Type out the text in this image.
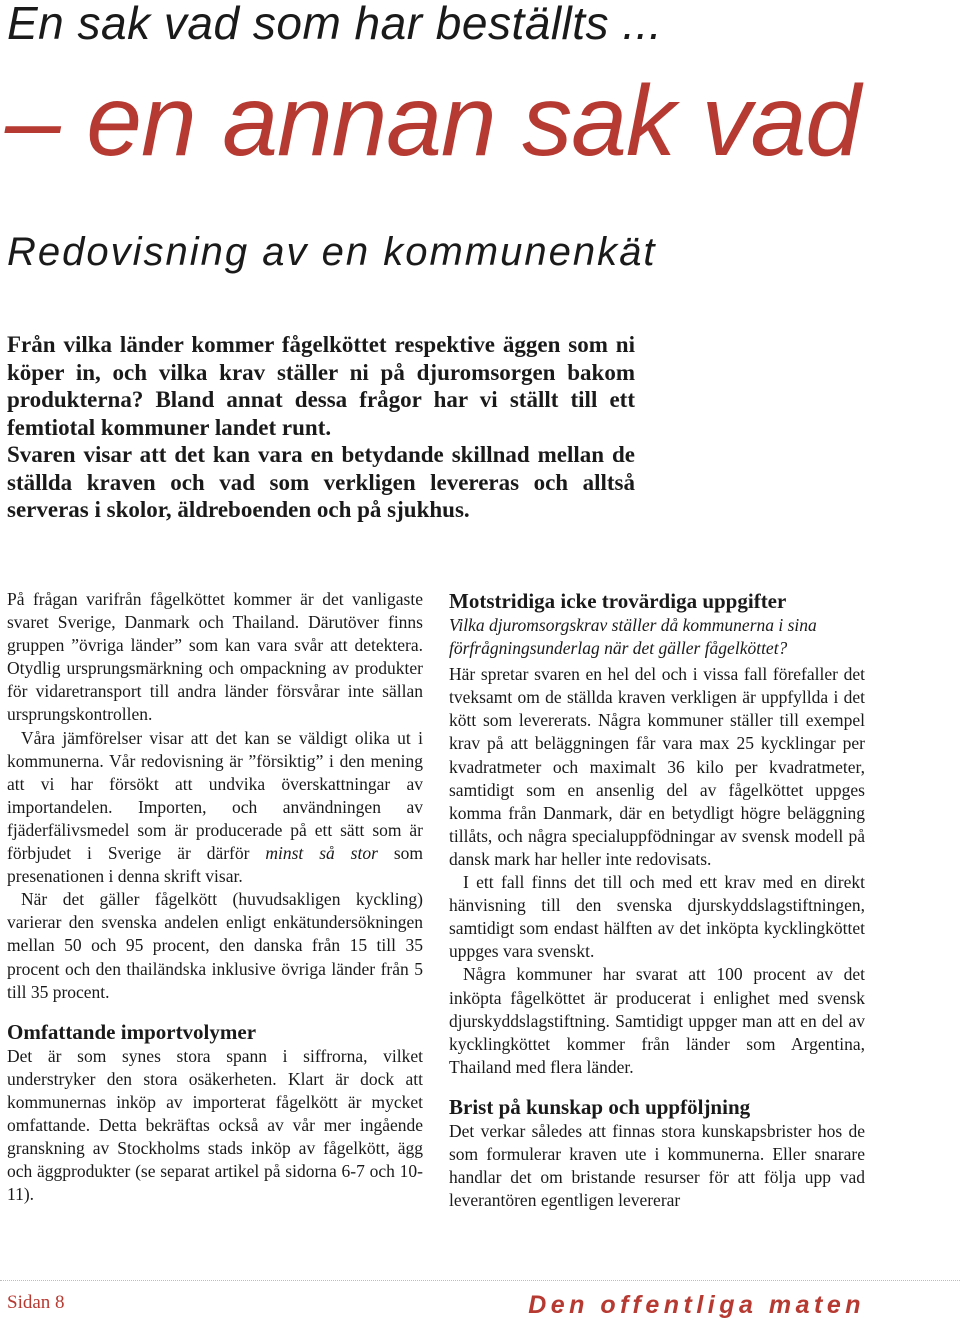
En sak vad som har beställts ...
– en annan sak vad
Redovisning av en kommunenkät

Från vilka länder kommer fågelköttet respektive äggen som ni köper in, och vilka krav ställer ni på djuromsorgen bakom produkterna? Bland annat dessa frågor har vi ställt till ett femtiotal kommuner landet runt.

Svaren visar att det kan vara en betydande skillnad mellan de ställda kraven och vad som verkligen levereras och alltså serveras i skolor, äldreboenden och på sjukhus.

På frågan varifrån fågelköttet kommer är det vanligaste svaret Sverige, Danmark och Thailand. Därutöver finns gruppen ”övriga länder” som kan vara svår att detektera. Otydlig ursprungsmärkning och ompackning av produkter för vidaretransport till andra länder försvårar inte sällan ursprungskontrollen.

Våra jämförelser visar att det kan se väldigt olika ut i kommunerna. Vår redovisning är ”försiktig” i den mening att vi har försökt att undvika överskattningar av importandelen. Importen, och användningen av fjäderfälivsmedel som är producerade på ett sätt som är förbjudet i Sverige är därför minst så stor som presenationen i denna skrift visar.

När det gäller fågelkött (huvudsakligen kyckling) varierar den svenska andelen enligt enkätundersökningen mellan 50 och 95 procent, den danska från 15 till 35 procent och den thailändska inklusive övriga länder från 5 till 35 procent.

Omfattande importvolymer

Det är som synes stora spann i siffrorna, vilket understryker den stora osäkerheten. Klart är dock att kommunernas inköp av importerat fågelkött är mycket omfattande. Detta bekräftas också av vår mer ingående granskning av Stockholms stads inköp av fågelkött, ägg och äggprodukter (se separat artikel på sidorna 6-7 och 10-11).

Motstridiga icke trovärdiga uppgifter

Vilka djuromsorgskrav ställer då kommunerna i sina förfrågningsunderlag när det gäller fågelköttet?

Här spretar svaren en hel del och i vissa fall förefaller det tveksamt om de ställda kraven verkligen är uppfyllda i det kött som levererats. Några kommuner ställer till exempel krav på att beläggningen får vara max 25 kycklingar per kvadratmeter och maximalt 36 kilo per kvadratmeter, samtidigt som en ansenlig del av fågelköttet uppges komma från Danmark, där en betydligt högre beläggning tillåts, och några specialuppfödningar av svensk modell på dansk mark har heller inte redovisats.

I ett fall finns det till och med ett krav med en direkt hänvisning till den svenska djurskyddslagstiftningen, samtidigt som endast hälften av det inköpta kycklingköttet uppges vara svenskt.

Några kommuner har svarat att 100 procent av det inköpta fågelköttet är producerat i enlighet med svensk djurskyddslagstiftning. Samtidigt uppger man att en del av kycklingköttet kommer från länder som Argentina, Thailand med flera länder.

Brist på kunskap och uppföljning

Det verkar således att finnas stora kunskapsbrister hos de som formulerar kraven ute i kommunerna. Eller snarare handlar det om bristande resurser för att följa upp vad leverantören egentligen levererar

Sidan 8	Den offentliga maten
